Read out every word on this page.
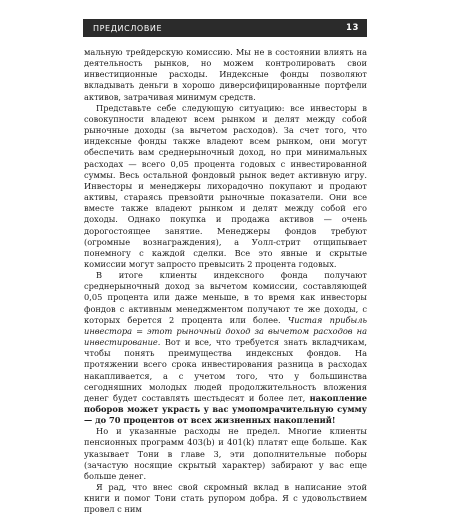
ПРЕДИСЛОВИЕ	13

мальную трейдерскую комиссию. Мы не в состоянии влиять на деятельность рынков, но можем контролировать свои инвестиционные расходы. Индексные фонды позволяют вкладывать деньги в хорошо диверсифицированные портфели активов, затрачивая минимум средств.

Представьте себе следующую ситуацию: все инвесторы в совокупности владеют всем рынком и делят между собой рыночные доходы (за вычетом расходов). За счет того, что индексные фонды также владеют всем рынком, они могут обеспечить вам среднерыночный доход, но при минимальных расходах — всего 0,05 процента годовых с инвестированной суммы. Весь остальной фондовый рынок ведет активную игру. Инвесторы и менеджеры лихорадочно покупают и продают активы, стараясь превзойти рыночные показатели. Они все вместе также владеют рынком и делят между собой его доходы. Однако покупка и продажа активов — очень дорогостоящее занятие. Менеджеры фондов требуют (огромные вознаграждения), а Уолл-стрит отщипывает понемногу с каждой сделки. Все это явные и скрытые комиссии могут запросто превысить 2 процента годовых.

В итоге клиенты индексного фонда получают среднерыночный доход за вычетом комиссии, составляющей 0,05 процента или даже меньше, в то время как инвесторы фондов с активным менеджментом получают те же доходы, с которых берется 2 процента или более. Чистая прибыль инвестора = этот рыночный доход за вычетом расходов на инвестирование. Вот и все, что требуется знать вкладчикам, чтобы понять преимущества индексных фондов. На протяжении всего срока инвестирования разница в расходах накапливается, а с учетом того, что у большинства сегодняшних молодых людей продолжительность вложения денег будет составлять шестьдесят и более лет, накопление поборов может украсть у вас умопомрачительную сумму — до 70 процентов от всех жизненных накоплений!

Но и указанные расходы не предел. Многие клиенты пенсионных программ 403(b) и 401(k) платят еще больше. Как указывает Тони в главе 3, эти дополнительные поборы (зачастую носящие скрытый характер) забирают у вас еще больше денег.

Я рад, что внес свой скромный вклад в написание этой книги и помог Тони стать рупором добра. Я с удовольствием провел с ним
